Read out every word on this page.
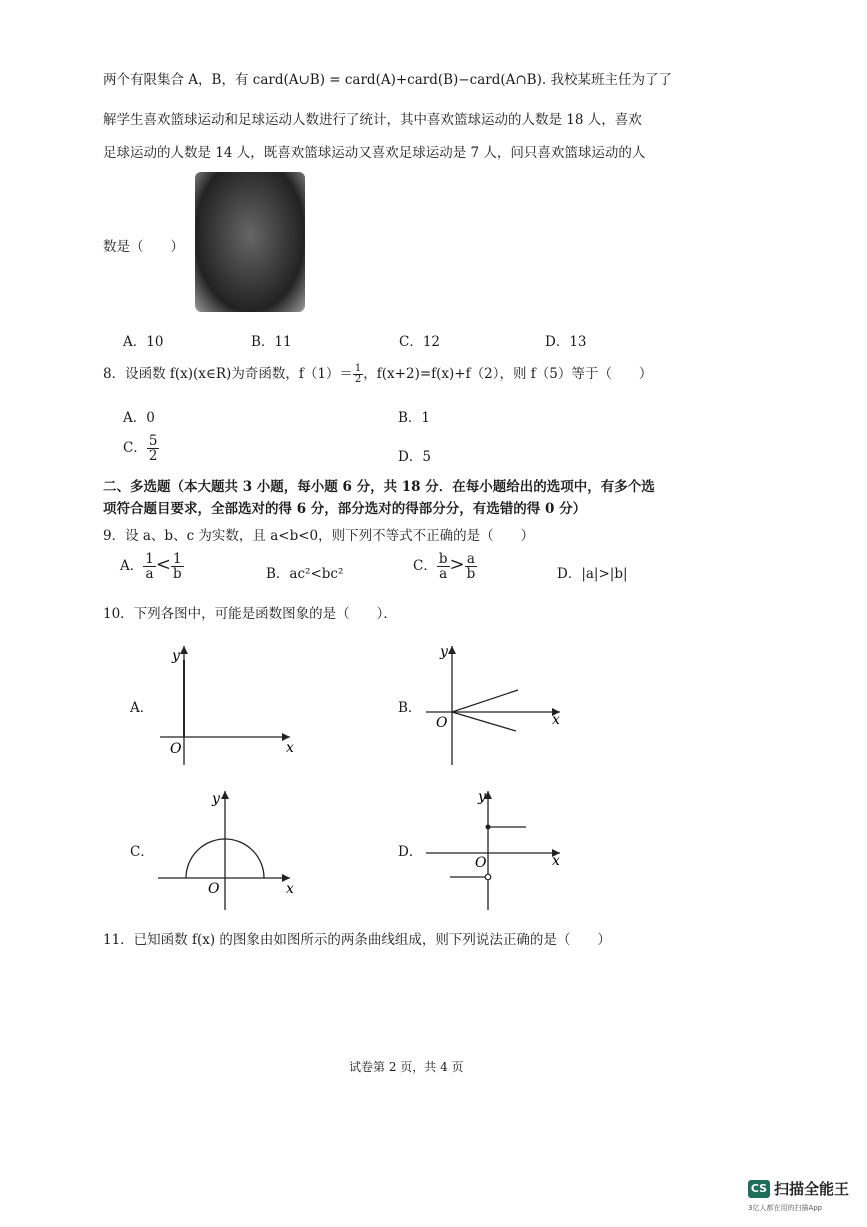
两个有限集合 A，B，有 card(A∪B) = card(A)+card(B)−card(A∩B). 我校某班主任为了了
解学生喜欢篮球运动和足球运动人数进行了统计，其中喜欢篮球运动的人数是 18 人，喜欢
足球运动的人数是 14 人，既喜欢篮球运动又喜欢足球运动是 7 人，问只喜欢篮球运动的人
数是（　　）
A．10	B．11	C．12	D．13
8．设函数 f(x)(x∈R)为奇函数，$f(1)= \frac{1}{2}$ ，f(x+2)=f(x)+f（2），则 f（5）等于（　　）
A．0	B．1
C． $\frac{5}{2}$	D．5
二、多选题（本大题共 3 小题，每小题 6 分，共 18 分．在每小题给出的选项中，有多个选
项符合题目要求，全部选对的得 6 分，部分选对的得部分分，有选错的得 0 分）
9．设 a、b、c 为实数，且 a<b<0，则下列不等式不正确的是（　　）
A． $\frac{1}{a} < \frac{1}{b}$	B．ac²<bc²	C． $\frac{b}{a} > \frac{a}{b}$	D．|a|>|b|
10．下列各图中，可能是函数图象的是（　　）．
A．
y
x
O
B．
y
x
O
C．
y
x
O
D．
y
x
O
11．已知函数 f(x) 的图象由如图所示的两条曲线组成，则下列说法正确的是（　　）
试卷第 2 页，共 4 页
CS 扫描全能王
3亿人都在用的扫描App
